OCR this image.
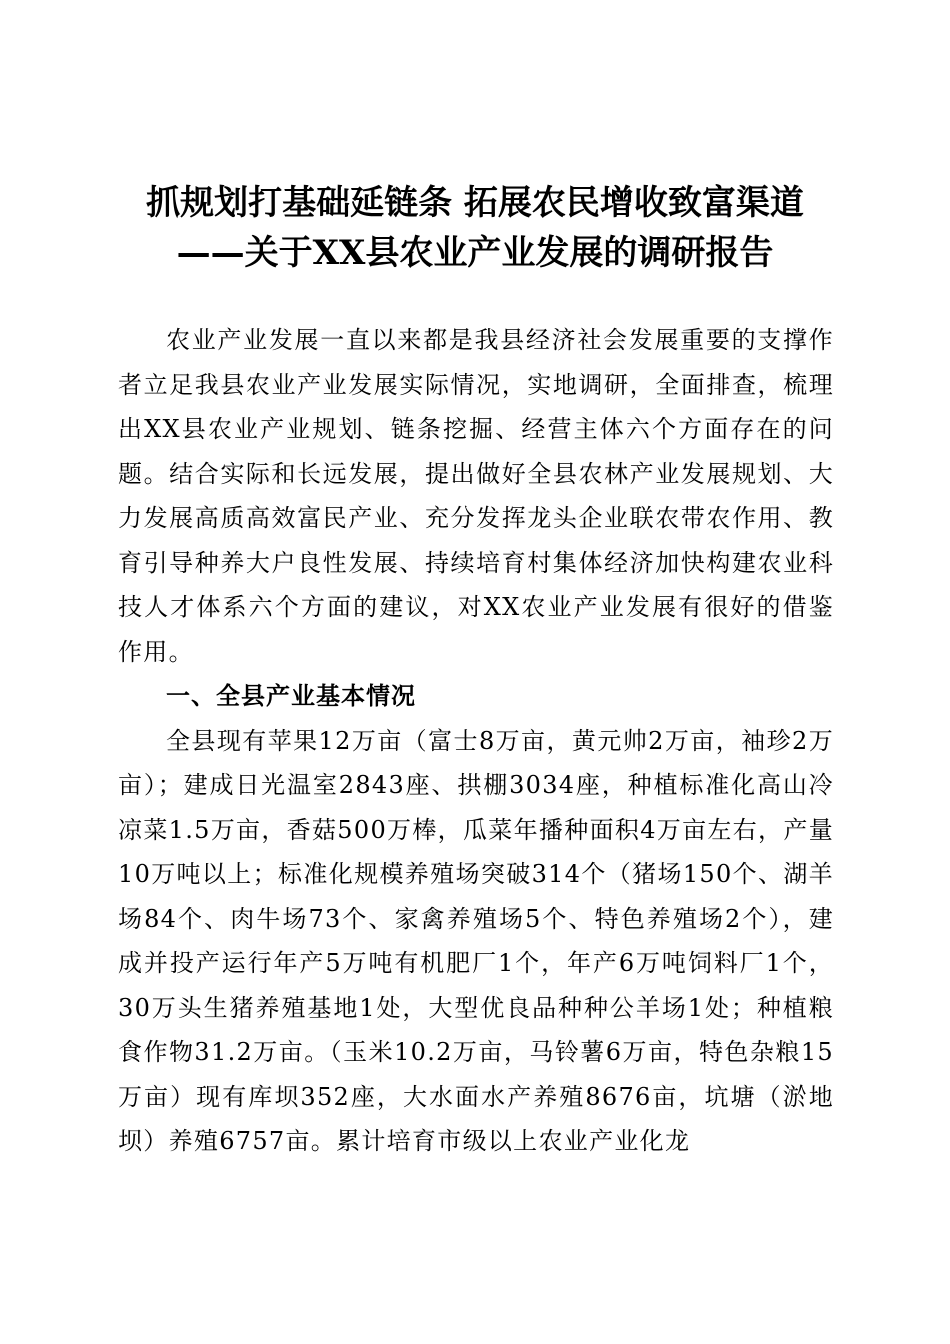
抓规划打基础延链条 拓展农民增收致富渠道
——关于XX县农业产业发展的调研报告

农业产业发展一直以来都是我县经济社会发展重要的支撑作者立足我县农业产业发展实际情况，实地调研，全面排查，梳理出XX县农业产业规划、链条挖掘、经营主体六个方面存在的问题。结合实际和长远发展，提出做好全县农林产业发展规划、大力发展高质高效富民产业、充分发挥龙头企业联农带农作用、教育引导种养大户良性发展、持续培育村集体经济加快构建农业科技人才体系六个方面的建议，对XX农业产业发展有很好的借鉴作用。

一、全县产业基本情况

全县现有苹果12万亩（富士8万亩，黄元帅2万亩，袖珍2万亩）；建成日光温室2843座、拱棚3034座，种植标准化高山冷凉菜1.5万亩，香菇500万棒，瓜菜年播种面积4万亩左右，产量10万吨以上；标准化规模养殖场突破314个（猪场150个、湖羊场84个、肉牛场73个、家禽养殖场5个、特色养殖场2个），建成并投产运行年产5万吨有机肥厂1个，年产6万吨饲料厂1个，30万头生猪养殖基地1处，大型优良品种种公羊场1处；种植粮食作物31.2万亩。（玉米10.2万亩，马铃薯6万亩，特色杂粮15万亩）现有库坝352座，大水面水产养殖8676亩，坑塘（淤地坝）养殖6757亩。累计培育市级以上农业产业化龙
